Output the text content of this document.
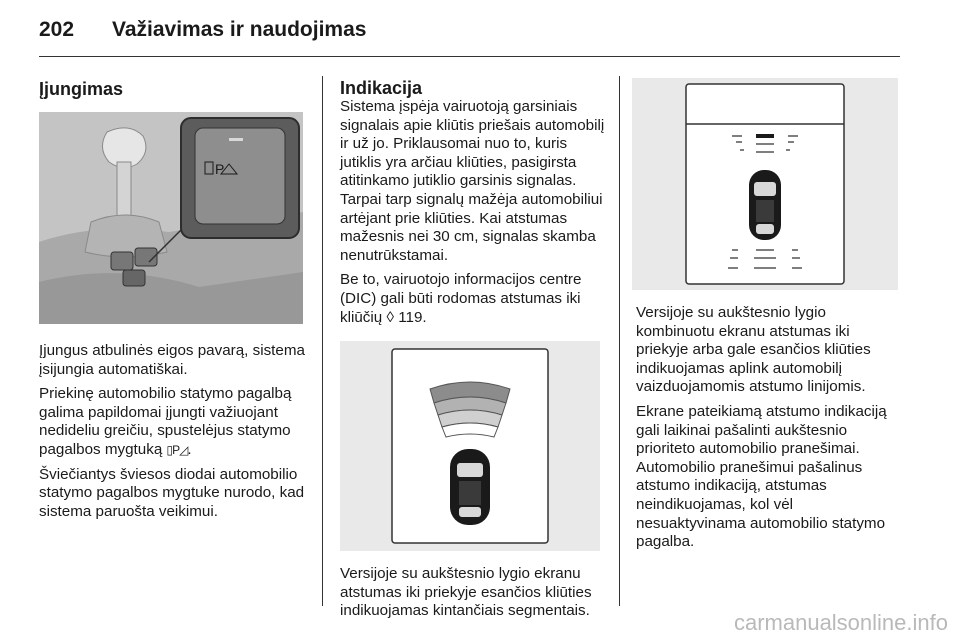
202 Važiavimas ir naudojimas
Įjungimas
P

Įjungus atbulinės eigos pavarą, sistema įsijungia automatiškai.

Priekinę automobilio statymo pagalbą galima papildomai įjungti važiuojant nedideliu greičiu, spustelėjus statymo pagalbos mygtuką ▯P◿.

Šviečiantys šviesos diodai automobilio statymo pagalbos mygtuke nurodo, kad sistema paruošta veikimui.

Indikacija

Sistema įspėja vairuotoją garsiniais signalais apie kliūtis priešais automobilį ir už jo. Priklausomai nuo to, kuris jutiklis yra arčiau kliūties, pasigirsta atitinkamo jutiklio garsinis signalas. Tarpai tarp signalų mažėja automobiliui artėjant prie kliūties. Kai atstumas mažesnis nei 30 cm, signalas skamba nenutrūkstamai.

Be to, vairuotojo informacijos centre (DIC) gali būti rodomas atstumas iki kliūčių ◊ 119.

Versijoje su aukštesnio lygio ekranu atstumas iki priekyje esančios kliūties indikuojamas kintančiais segmentais.

Versijoje su aukštesnio lygio kombinuotu ekranu atstumas iki priekyje arba gale esančios kliūties indikuojamas aplink automobilį vaizduojamomis atstumo linijomis.

Ekrane pateikiamą atstumo indikaciją gali laikinai pašalinti aukštesnio prioriteto automobilio pranešimai. Automobilio pranešimui pašalinus atstumo indikaciją, atstumas neindikuojamas, kol vėl nesuaktyvinama automobilio statymo pagalba.

carmanualsonline.info
